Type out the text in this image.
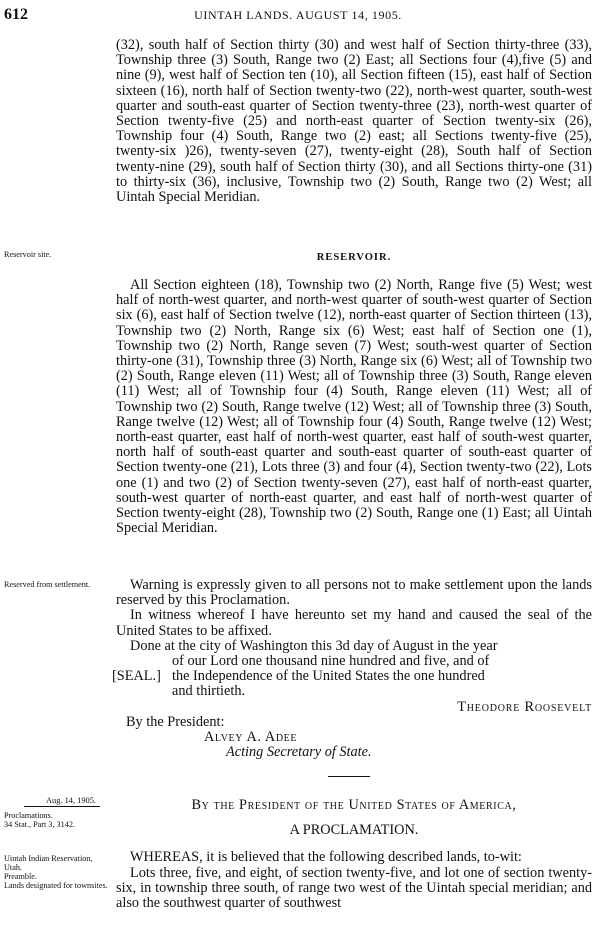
612	UINTAH LANDS. AUGUST 14, 1905.

(32), south half of Section thirty (30) and west half of Section thirty-three (33), Township three (3) South, Range two (2) East; all Sections four (4),five (5) and nine (9), west half of Section ten (10), all Section fifteen (15), east half of Section sixteen (16), north half of Section twenty-two (22), north-west quarter, south-west quarter and south-east quarter of Section twenty-three (23), north-west quarter of Section twenty-five (25) and north-east quarter of Section twenty-six (26), Township four (4) South, Range two (2) east; all Sections twenty-five (25), twenty-six )26), twenty-seven (27), twenty-eight (28), South half of Section twenty-nine (29), south half of Section thirty (30), and all Sections thirty-one (31) to thirty-six (36), inclusive, Township two (2) South, Range two (2) West; all Uintah Special Meridian.

Reservoir site.	RESERVOIR.

All Section eighteen (18), Township two (2) North, Range five (5) West; west half of north-west quarter, and north-west quarter of south-west quarter of Section six (6), east half of Section twelve (12), north-east quarter of Section thirteen (13), Township two (2) North, Range six (6) West; east half of Section one (1), Township two (2) North, Range seven (7) West; south-west quarter of Section thirty-one (31), Township three (3) North, Range six (6) West; all of Township two (2) South, Range eleven (11) West; all of Township three (3) South, Range eleven (11) West; all of Township four (4) South, Range eleven (11) West; all of Township two (2) South, Range twelve (12) West; all of Township three (3) South, Range twelve (12) West; all of Township four (4) South, Range twelve (12) West; north-east quarter, east half of north-west quarter, east half of south-west quarter, north half of south-east quarter and south-east quarter of south-east quarter of Section twenty-one (21), Lots three (3) and four (4), Section twenty-two (22), Lots one (1) and two (2) of Section twenty-seven (27), east half of north-east quarter, south-west quarter of north-east quarter, and east half of north-west quarter of Section twenty-eight (28), Township two (2) South, Range one (1) East; all Uintah Special Meridian.

Reserved from settlement.	Warning is expressly given to all persons not to make settlement upon the lands reserved by this Proclamation.

In witness whereof I have hereunto set my hand and caused the seal of the United States to be affixed.

Done at the city of Washington this 3d day of August in the year

of our Lord one thousand nine hundred and five, and of
[SEAL.] the Independence of the United States the one hundred
and thirtieth.
Theodore Roosevelt
By the President:
Alvey A. Adee
Acting Secretary of State.
Aug. 14, 1905.
Proclamations.
34 Stat., Part 3, 3142.
Uintah Indian Reservation, Utah.
Preamble.
Lands designated for townsites.
By the President of the United States of America,
A PROCLAMATION.

WHEREAS, it is believed that the following described lands, to-wit:

Lots three, five, and eight, of section twenty-five, and lot one of section twenty-six, in township three south, of range two west of the Uintah special meridian; and also the southwest quarter of southwest
